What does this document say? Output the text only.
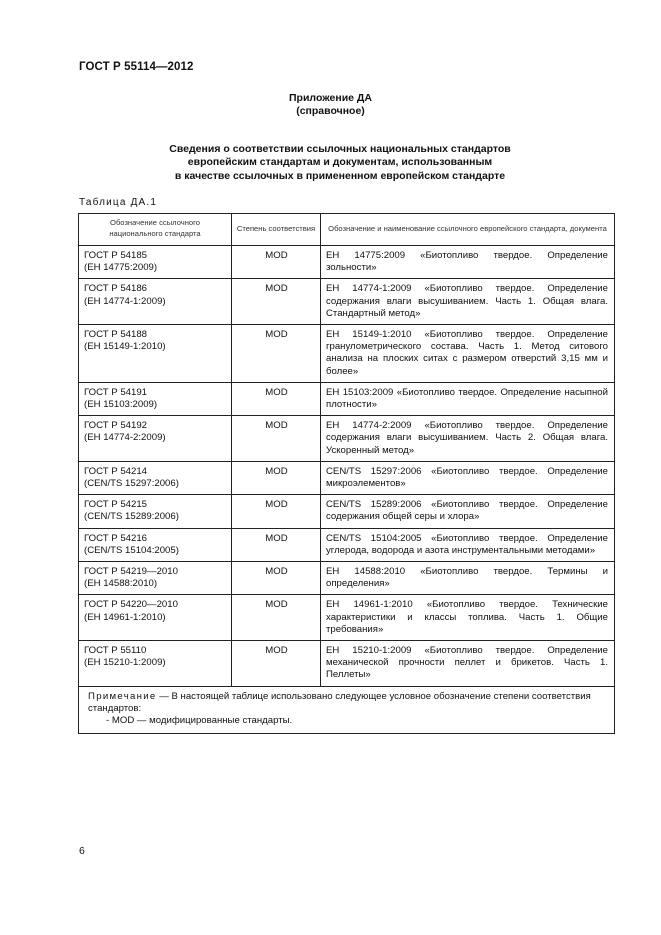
ГОСТ Р 55114—2012
Приложение ДА
(справочное)
Сведения о соответствии ссылочных национальных стандартов
европейским стандартам и документам, использованным
в качестве ссылочных в примененном европейском стандарте
Таблица ДА.1
Обозначение ссылочного национального стандарта	Степень соответствия	Обозначение и наименование ссылочного европейского стандарта, документа

ГОСТ Р 54185
(ЕН 14775:2009)	MOD	ЕН 14775:2009 «Биотопливо твердое. Определение зольности»

ГОСТ Р 54186
(ЕН 14774-1:2009)	MOD	ЕН 14774-1:2009 «Биотопливо твердое. Определение содержания влаги высушиванием. Часть 1. Общая влага. Стандартный метод»

ГОСТ Р 54188
(ЕН 15149-1:2010)	MOD	ЕН 15149-1:2010 «Биотопливо твердое. Определение гранулометрического состава. Часть 1. Метод ситового анализа на плоских ситах с размером отверстий 3,15 мм и более»

ГОСТ Р 54191
(ЕН 15103:2009)	MOD	ЕН 15103:2009 «Биотопливо твердое. Определение насыпной плотности»

ГОСТ Р 54192
(ЕН 14774-2:2009)	MOD	ЕН 14774-2:2009 «Биотопливо твердое. Определение содержания влаги высушиванием. Часть 2. Общая влага. Ускоренный метод»

ГОСТ Р 54214
(CEN/TS 15297:2006)	MOD	CEN/TS 15297:2006 «Биотопливо твердое. Определение микроэлементов»

ГОСТ Р 54215
(CEN/TS 15289:2006)	MOD	CEN/TS 15289:2006 «Биотопливо твердое. Определение содержания общей серы и хлора»

ГОСТ Р 54216
(CEN/TS 15104:2005)	MOD	CEN/TS 15104:2005 «Биотопливо твердое. Определение углерода, водорода и азота инструментальными методами»

ГОСТ Р 54219—2010
(ЕН 14588:2010)	MOD	ЕН 14588:2010 «Биотопливо твердое. Термины и определения»

ГОСТ Р 54220—2010
(ЕН 14961-1:2010)	MOD	ЕН 14961-1:2010 «Биотопливо твердое. Технические характеристики и классы топлива. Часть 1. Общие требования»

ГОСТ Р 55110
(ЕН 15210-1:2009)	MOD	ЕН 15210-1:2009 «Биотопливо твердое. Определение механической прочности пеллет и брикетов. Часть 1. Пеллеты»
Примечание — В настоящей таблице использовано следующее условное обозначение степени соответствия стандартов:
- MOD — модифицированные стандарты.		
6
